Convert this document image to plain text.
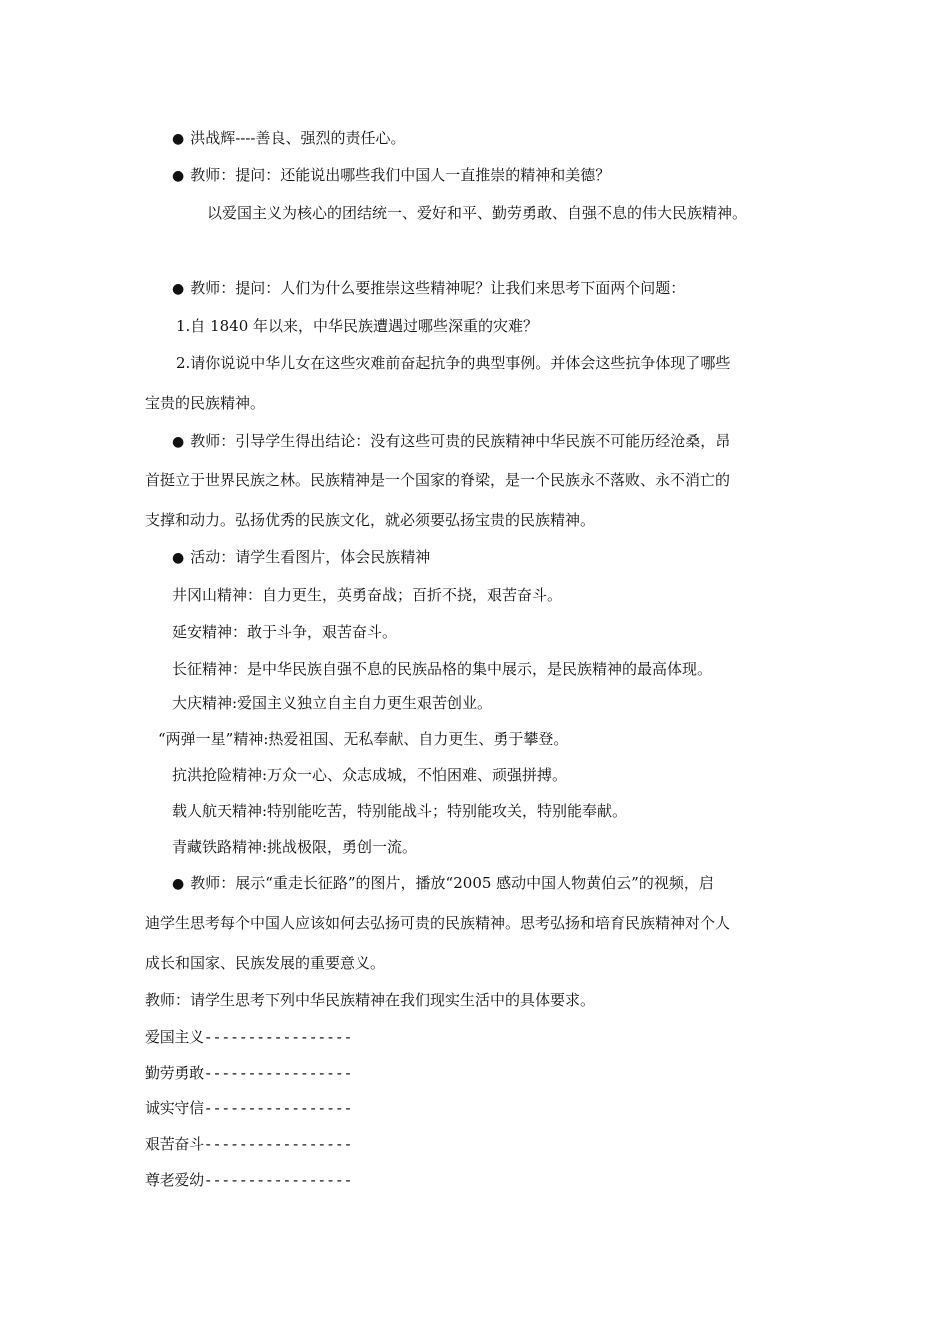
● 洪战辉----善良、强烈的责任心。
● 教师：提问：还能说出哪些我们中国人一直推崇的精神和美德？
以爱国主义为核心的团结统一、爱好和平、勤劳勇敢、自强不息的伟大民族精神。
● 教师：提问：人们为什么要推崇这些精神呢？让我们来思考下面两个问题：
1.自 1840 年以来，中华民族遭遇过哪些深重的灾难？
2.请你说说中华儿女在这些灾难前奋起抗争的典型事例。并体会这些抗争体现了哪些
宝贵的民族精神。
● 教师：引导学生得出结论：没有这些可贵的民族精神中华民族不可能历经沧桑，昂
首挺立于世界民族之林。民族精神是一个国家的脊梁，是一个民族永不落败、永不消亡的
支撑和动力。弘扬优秀的民族文化，就必须要弘扬宝贵的民族精神。
● 活动：请学生看图片，体会民族精神
井冈山精神：自力更生，英勇奋战；百折不挠，艰苦奋斗。
延安精神：敢于斗争，艰苦奋斗。
长征精神：是中华民族自强不息的民族品格的集中展示，是民族精神的最高体现。
大庆精神:爱国主义独立自主自力更生艰苦创业。
“两弹一星”精神:热爱祖国、无私奉献、自力更生、勇于攀登。
抗洪抢险精神:万众一心、众志成城，不怕困难、顽强拼搏。
载人航天精神:特别能吃苦，特别能战斗；特别能攻关，特别能奉献。
青藏铁路精神:挑战极限，勇创一流。
● 教师：展示“重走长征路”的图片，播放“2005 感动中国人物黄伯云”的视频，启
迪学生思考每个中国人应该如何去弘扬可贵的民族精神。思考弘扬和培育民族精神对个人
成长和国家、民族发展的重要意义。
教师：请学生思考下列中华民族精神在我们现实生活中的具体要求。
爱国主义-----------------
勤劳勇敢-----------------
诚实守信-----------------
艰苦奋斗-----------------
尊老爱幼-----------------
